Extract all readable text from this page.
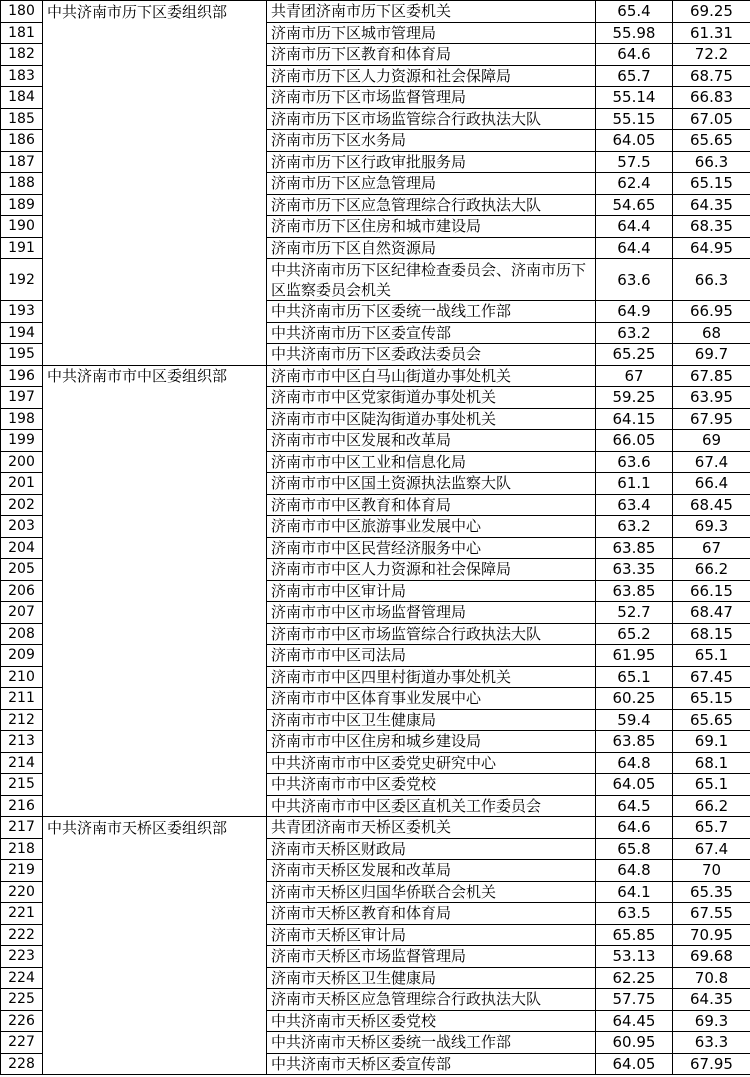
180	中共济南市历下区委组织部	共青团济南市历下区委机关	65.4	69.25
181		济南市历下区城市管理局	55.98	61.31
182		济南市历下区教育和体育局	64.6	72.2
183		济南市历下区人力资源和社会保障局	65.7	68.75
184		济南市历下区市场监督管理局	55.14	66.83
185		济南市历下区市场监管综合行政执法大队	55.15	67.05
186		济南市历下区水务局	64.05	65.65
187		济南市历下区行政审批服务局	57.5	66.3
188		济南市历下区应急管理局	62.4	65.15
189		济南市历下区应急管理综合行政执法大队	54.65	64.35
190		济南市历下区住房和城市建设局	64.4	68.35
191		济南市历下区自然资源局	64.4	64.95
192		中共济南市历下区纪律检查委员会、济南市历下区监察委员会机关	63.6	66.3
193		中共济南市历下区委统一战线工作部	64.9	66.95
194		中共济南市历下区委宣传部	63.2	68
195		中共济南市历下区委政法委员会	65.25	69.7
196	中共济南市市中区委组织部	济南市市中区白马山街道办事处机关	67	67.85
197		济南市市中区党家街道办事处机关	59.25	63.95
198		济南市市中区陡沟街道办事处机关	64.15	67.95
199		济南市市中区发展和改革局	66.05	69
200		济南市市中区工业和信息化局	63.6	67.4
201		济南市市中区国土资源执法监察大队	61.1	66.4
202		济南市市中区教育和体育局	63.4	68.45
203		济南市市中区旅游事业发展中心	63.2	69.3
204		济南市市中区民营经济服务中心	63.85	67
205		济南市市中区人力资源和社会保障局	63.35	66.2
206		济南市市中区审计局	63.85	66.15
207		济南市市中区市场监督管理局	52.7	68.47
208		济南市市中区市场监管综合行政执法大队	65.2	68.15
209		济南市市中区司法局	61.95	65.1
210		济南市市中区四里村街道办事处机关	65.1	67.45
211		济南市市中区体育事业发展中心	60.25	65.15
212		济南市市中区卫生健康局	59.4	65.65
213		济南市市中区住房和城乡建设局	63.85	69.1
214		中共济南市市中区委党史研究中心	64.8	68.1
215		中共济南市市中区委党校	64.05	65.1
216		中共济南市市中区委区直机关工作委员会	64.5	66.2
217	中共济南市天桥区委组织部	共青团济南市天桥区委机关	64.6	65.7
218		济南市天桥区财政局	65.8	67.4
219		济南市天桥区发展和改革局	64.8	70
220		济南市天桥区归国华侨联合会机关	64.1	65.35
221		济南市天桥区教育和体育局	63.5	67.55
222		济南市天桥区审计局	65.85	70.95
223		济南市天桥区市场监督管理局	53.13	69.68
224		济南市天桥区卫生健康局	62.25	70.8
225		济南市天桥区应急管理综合行政执法大队	57.75	64.35
226		中共济南市天桥区委党校	64.45	69.3
227		中共济南市天桥区委统一战线工作部	60.95	63.3
228		中共济南市天桥区委宣传部	64.05	67.95
